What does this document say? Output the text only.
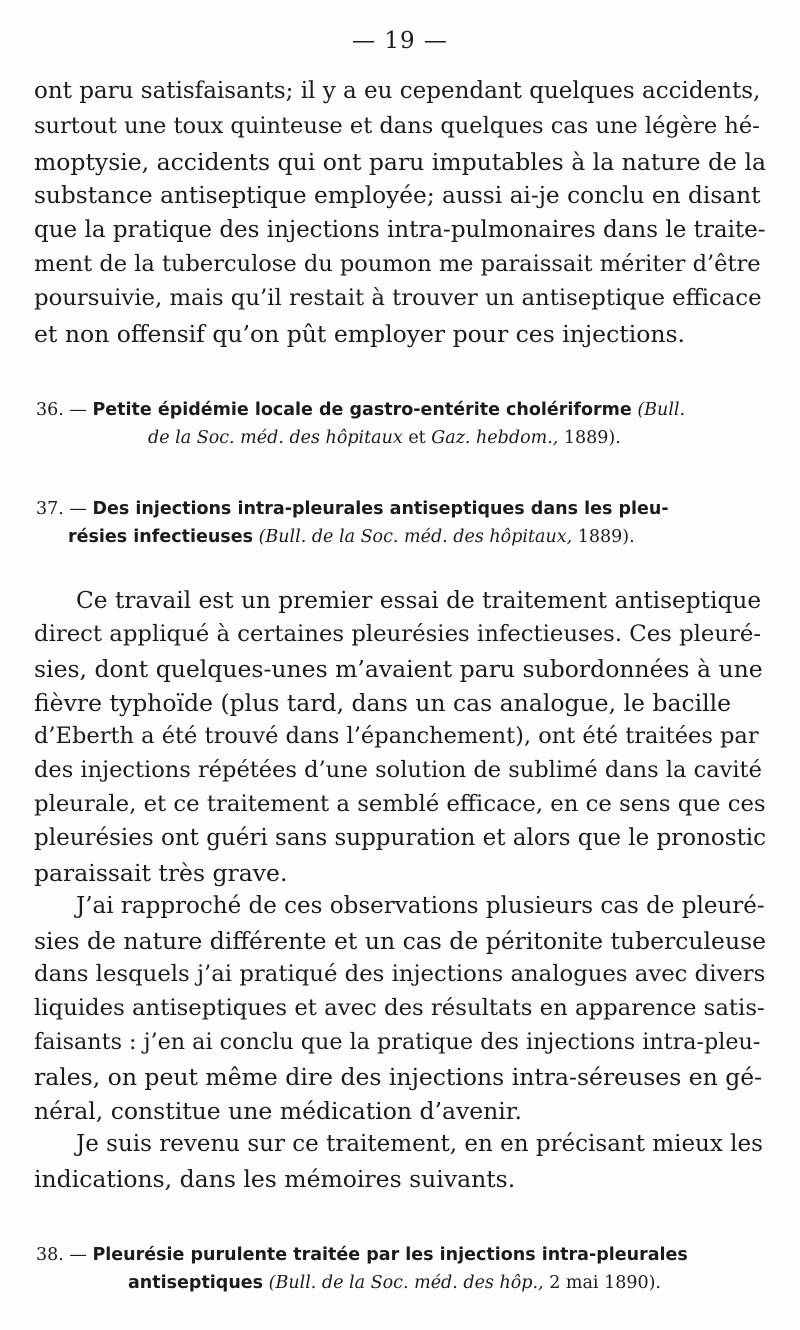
— 19 —
ont paru satisfaisants; il y a eu cependant quelques accidents,
surtout une toux quinteuse et dans quelques cas une légère hé-
moptysie, accidents qui ont paru imputables à la nature de la
substance antiseptique employée; aussi ai-je conclu en disant
que la pratique des injections intra-pulmonaires dans le traite-
ment de la tuberculose du poumon me paraissait mériter d’être
poursuivie, mais qu’il restait à trouver un antiseptique efficace
et non offensif qu’on pût employer pour ces injections.
36. — Petite épidémie locale de gastro-entérite cholériforme (Bull.
de la Soc. méd. des hôpitaux et Gaz. hebdom., 1889).
37. — Des injections intra-pleurales antiseptiques dans les pleu-
résies infectieuses (Bull. de la Soc. méd. des hôpitaux, 1889).
Ce travail est un premier essai de traitement antiseptique
direct appliqué à certaines pleurésies infectieuses. Ces pleuré-
sies, dont quelques-unes m’avaient paru subordonnées à une
fièvre typhoïde (plus tard, dans un cas analogue, le bacille
d’Eberth a été trouvé dans l’épanchement), ont été traitées par
des injections répétées d’une solution de sublimé dans la cavité
pleurale, et ce traitement a semblé efficace, en ce sens que ces
pleurésies ont guéri sans suppuration et alors que le pronostic
paraissait très grave.
J’ai rapproché de ces observations plusieurs cas de pleuré-
sies de nature différente et un cas de péritonite tuberculeuse
dans lesquels j’ai pratiqué des injections analogues avec divers
liquides antiseptiques et avec des résultats en apparence satis-
faisants : j’en ai conclu que la pratique des injections intra-pleu-
rales, on peut même dire des injections intra-séreuses en gé-
néral, constitue une médication d’avenir.
Je suis revenu sur ce traitement, en en précisant mieux les
indications, dans les mémoires suivants.
38. — Pleurésie purulente traitée par les injections intra-pleurales
antiseptiques (Bull. de la Soc. méd. des hôp., 2 mai 1890).
